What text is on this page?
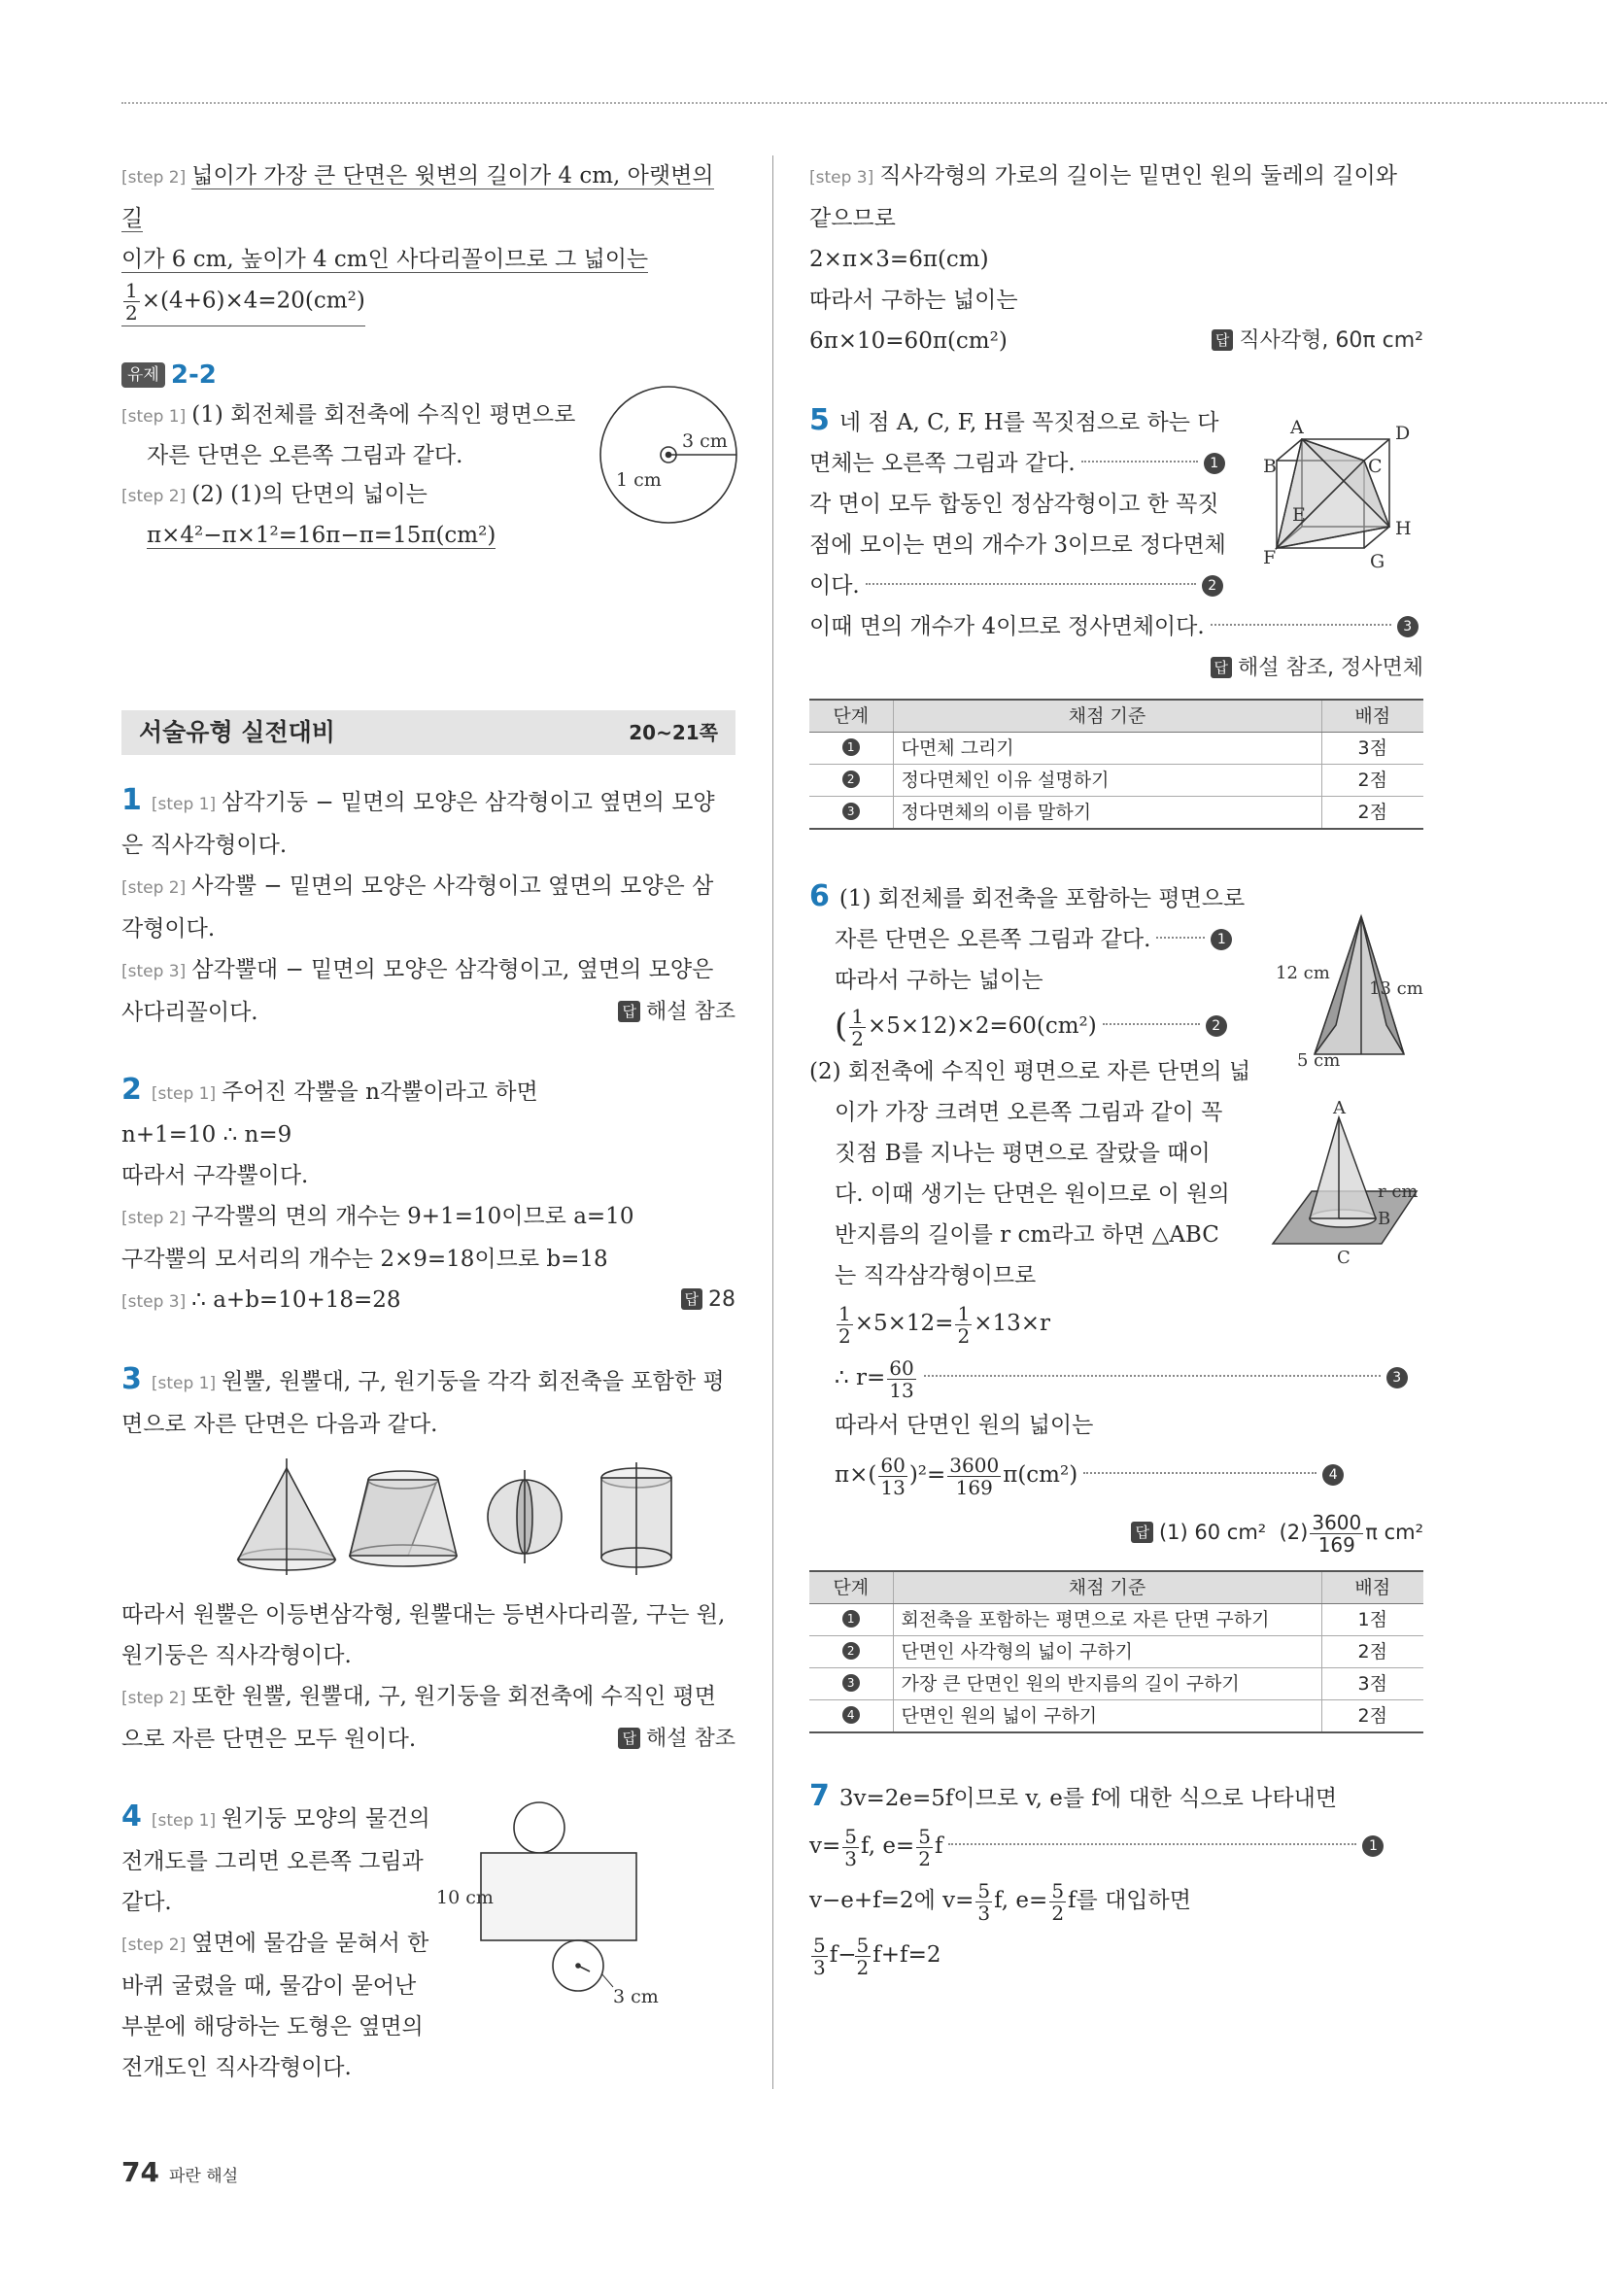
[step 2] 넓이가 가장 큰 단면은 윗변의 길이가 4 cm, 아랫변의 길
이가 6 cm, 높이가 4 cm인 사다리꼴이므로 그 넓이는
$\frac{1}{2} \times(4+6)\times 4=20(cm^2)$
유제 2-2
[step 1] (1) 회전체를 회전축에 수직인 평면으로
자른 단면은 오른쪽 그림과 같다.
[step 2] (2) (1)의 단면의 넓이는
π×4²−π×1²=16π−π=15π(cm²)
서술유형 실전대비	20~21쪽
1 [step 1] 삼각기둥 − 밑면의 모양은 삼각형이고 옆면의 모양
은 직사각형이다.
[step 2] 사각뿔 − 밑면의 모양은 사각형이고 옆면의 모양은 삼
각형이다.
[step 3] 삼각뿔대 − 밑면의 모양은 삼각형이고, 옆면의 모양은
사다리꼴이다.	답 해설 참조
2 [step 1] 주어진 각뿔을 n각뿔이라고 하면
n+1=10 ∴ n=9
따라서 구각뿔이다.
[step 2] 구각뿔의 면의 개수는 9+1=10이므로 a=10
구각뿔의 모서리의 개수는 2×9=18이므로 b=18
[step 3] ∴ a+b=10+18=28	답 28
3 [step 1] 원뿔, 원뿔대, 구, 원기둥을 각각 회전축을 포함한 평
면으로 자른 단면은 다음과 같다.
따라서 원뿔은 이등변삼각형, 원뿔대는 등변사다리꼴, 구는 원,
원기둥은 직사각형이다.
[step 2] 또한 원뿔, 원뿔대, 구, 원기둥을 회전축에 수직인 평면
으로 자른 단면은 모두 원이다.	답 해설 참조
4 [step 1] 원기둥 모양의 물건의
전개도를 그리면 오른쪽 그림과
같다.
[step 2] 옆면에 물감을 묻혀서 한
바퀴 굴렸을 때, 물감이 묻어난
부분에 해당하는 도형은 옆면의
전개도인 직사각형이다.
10 cm
3 cm
3 cm
1 cm
[step 3] 직사각형의 가로의 길이는 밑면인 원의 둘레의 길이와
같으므로
2×π×3=6π(cm)
따라서 구하는 넓이는
6π×10=60π(cm²)	답 직사각형, 60π cm²
5 네 점 A, C, F, H를 꼭짓점으로 하는 다
면체는 오른쪽 그림과 같다.	1
각 면이 모두 합동인 정삼각형이고 한 꼭짓
점에 모이는 면의 개수가 3이므로 정다면체
이다.	2
이때 면의 개수가 4이므로 정사면체이다.	3
답 해설 참조, 정사면체
단계	채점 기준	배점
1	다면체 그리기	3점
2	정다면체인 이유 설명하기	2점
3	정다면체의 이름 말하기	2점
6 (1) 회전체를 회전축을 포함하는 평면으로
자른 단면은 오른쪽 그림과 같다.	1
따라서 구하는 넓이는
( $\frac{1}{2} \times 5\times 12)\times 2=60(cm^2)$	2
(2) 회전축에 수직인 평면으로 자른 단면의 넓
이가 가장 크려면 오른쪽 그림과 같이 꼭
짓점 B를 지나는 평면으로 잘랐을 때이
다. 이때 생기는 단면은 원이므로 이 원의
반지름의 길이를 r cm라고 하면 △ABC
는 직각삼각형이므로
$\frac{1}{2} \times 5\times 12= \frac{1}{2} \times 13\times r$
∴ $r= \frac{60}{13}$	3
따라서 단면인 원의 넓이는
$\pi\times( \frac{60}{13} )^2= \frac{3600}{169} \pi(cm^2)$	4
답 (1) 60 cm² $(2) \frac{3600}{169}$ π cm²
단계	채점 기준	배점
1	회전축을 포함하는 평면으로 자른 단면 구하기	1점
2	단면인 사각형의 넓이 구하기	2점
3	가장 큰 단면인 원의 반지름의 길이 구하기	3점
4	단면인 원의 넓이 구하기	2점
7 3v=2e=5f이므로 v, e를 f에 대한 식으로 나타내면
$v= \frac{5}{3} f$, $e= \frac{5}{2}$ f	1
v−e+f=2에 $v= \frac{5}{3} f$, $e= \frac{5}{2}$ f를 대입하면
$\frac{5}{3} f-$
$\frac{5}{2} f+f=2$
A	D
B	C
E
H
F	G
12 cm
13 cm
5 cm
A
r cm
B
C
74 파란 해설
